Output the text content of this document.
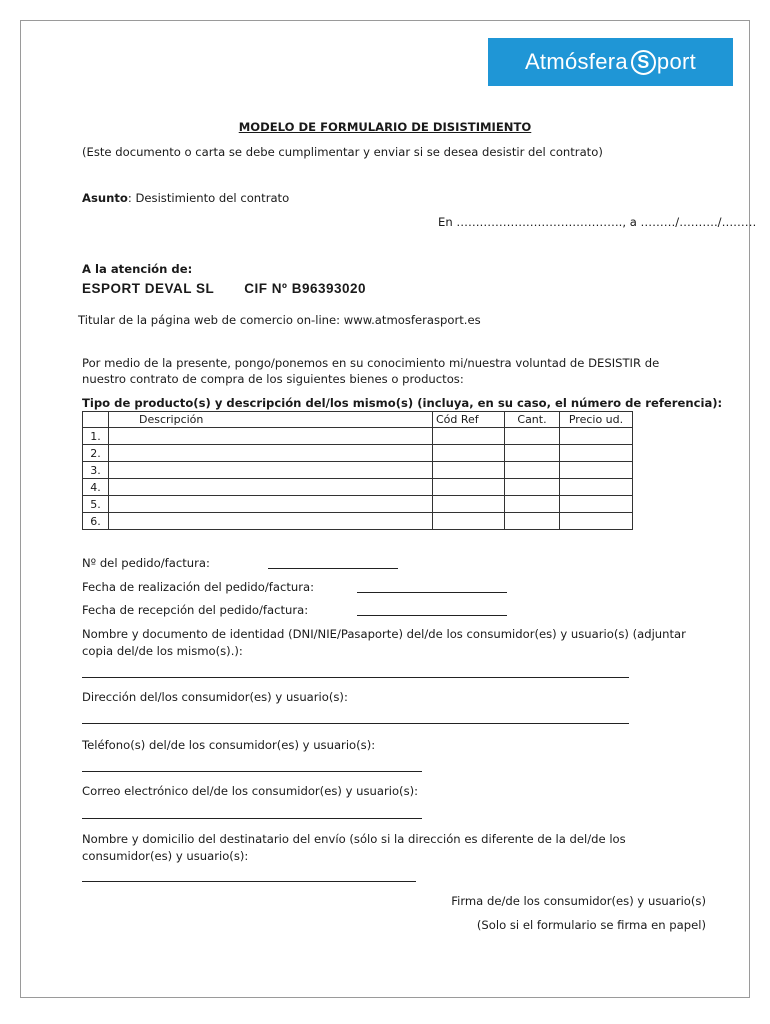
Atmósfera S port
MODELO DE FORMULARIO DE DISISTIMIENTO
(Este documento o carta se debe cumplimentar y enviar si se desea desistir del contrato)
Asunto: Desistimiento del contrato
En ……………………………………., a ………/………./………
A la atención de:
ESPORT DEVAL SL CIF Nº B96393020
Titular de la página web de comercio on-line: www.atmosferasport.es
Por medio de la presente, pongo/ponemos en su conocimiento mi/nuestra voluntad de DESISTIR de
nuestro contrato de compra de los siguientes bienes o productos:
Tipo de producto(s) y descripción del/los mismo(s) (incluya, en su caso, el número de referencia):
	Descripción	Cód Ref	Cant.	Precio ud.
1.				
2.				
3.				
4.				
5.				
6.				
Nº del pedido/factura:
Fecha de realización del pedido/factura:
Fecha de recepción del pedido/factura:
Nombre y documento de identidad (DNI/NIE/Pasaporte) del/de los consumidor(es) y usuario(s) (adjuntar
copia del/de los mismo(s).):
Dirección del/los consumidor(es) y usuario(s):
Teléfono(s) del/de los consumidor(es) y usuario(s):
Correo electrónico del/de los consumidor(es) y usuario(s):
Nombre y domicilio del destinatario del envío (sólo si la dirección es diferente de la del/de los
consumidor(es) y usuario(s):
Firma de/de los consumidor(es) y usuario(s)
(Solo si el formulario se firma en papel)
